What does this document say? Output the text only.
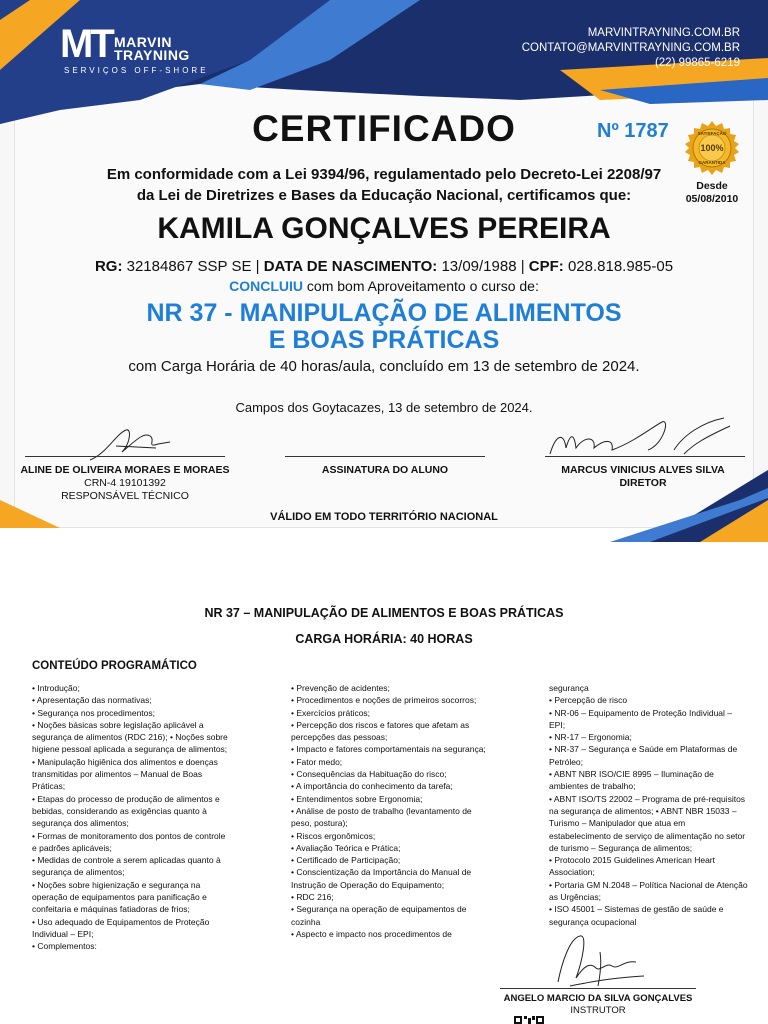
MT MARVIN
TRAYNING
SERVIÇOS OFF-SHORE
MARVINTRAYNING.COM.BR
CONTATO@MARVINTRAYNING.COM.BR
(22) 99865-6219
CERTIFICADO	Nº 1787	SATISFAÇÃO
100%
GARANTIDA
Desde
05/08/2010
Em conformidade com a Lei 9394/96, regulamentado pelo Decreto-Lei 2208/97
da Lei de Diretrizes e Bases da Educação Nacional, certificamos que:
KAMILA GONÇALVES PEREIRA
RG: 32184867 SSP SE | DATA DE NASCIMENTO: 13/09/1988 | CPF: 028.818.985-05
CONCLUIU com bom Aproveitamento o curso de:
NR 37 - MANIPULAÇÃO DE ALIMENTOS
E BOAS PRÁTICAS
com Carga Horária de 40 horas/aula, concluído em 13 de setembro de 2024.
Campos dos Goytacazes, 13 de setembro de 2024.
ALINE DE OLIVEIRA MORAES E MORAES
CRN-4 19101392
RESPONSÁVEL TÉCNICO
ASSINATURA DO ALUNO	MARCUS VINICIUS ALVES SILVA
DIRETOR
VÁLIDO EM TODO TERRITÓRIO NACIONAL
NR 37 – MANIPULAÇÃO DE ALIMENTOS E BOAS PRÁTICAS
CARGA HORÁRIA: 40 HORAS
CONTEÚDO PROGRAMÁTICO
• Introdução;
• Apresentação das normativas;
• Segurança nos procedimentos;
• Noções básicas sobre legislação aplicável a segurança de alimentos (RDC 216); • Noções sobre higiene pessoal aplicada a segurança de alimentos;
• Manipulação higiênica dos alimentos e doenças transmitidas por alimentos – Manual de Boas Práticas;
• Etapas do processo de produção de alimentos e bebidas, considerando as exigências quanto à segurança dos alimentos;
• Formas de monitoramento dos pontos de controle e padrões aplicáveis;
• Medidas de controle a serem aplicadas quanto à segurança de alimentos;
• Noções sobre higienização e segurança na operação de equipamentos para panificação e confeitaria e máquinas fatiadoras de frios;
• Uso adequado de Equipamentos de Proteção Individual – EPI;
• Complementos:
• Prevenção de acidentes;
• Procedimentos e noções de primeiros socorros;
• Exercícios práticos;
• Percepção dos riscos e fatores que afetam as percepções das pessoas;
• Impacto e fatores comportamentais na segurança;
• Fator medo;
• Consequências da Habituação do risco;
• A importância do conhecimento da tarefa;
• Entendimentos sobre Ergonomia;
• Análise de posto de trabalho (levantamento de peso, postura);
• Riscos ergonômicos;
• Avaliação Teórica e Prática;
• Certificado de Participação;
• Conscientização da Importância do Manual de Instrução de Operação do Equipamento;
• RDC 216;
• Segurança na operação de equipamentos de cozinha
• Aspecto e impacto nos procedimentos de
segurança
• Percepção de risco
• NR-06 – Equipamento de Proteção Individual – EPI;
• NR-17 – Ergonomia;
• NR-37 – Segurança e Saúde em Plataformas de Petróleo;
• ABNT NBR ISO/CIE 8995 – Iluminação de ambientes de trabalho;
• ABNT ISO/TS 22002 – Programa de pré-requisitos na segurança de alimentos; • ABNT NBR 15033 – Turismo – Manipulador que atua em estabelecimento de serviço de alimentação no setor de turismo – Segurança de alimentos;
• Protocolo 2015 Guidelines American Heart Association;
• Portaria GM N.2048 – Política Nacional de Atenção as Urgências;
• ISO 45001 – Sistemas de gestão de saúde e segurança ocupacional
ANGELO MARCIO DA SILVA GONÇALVES
INSTRUTOR
